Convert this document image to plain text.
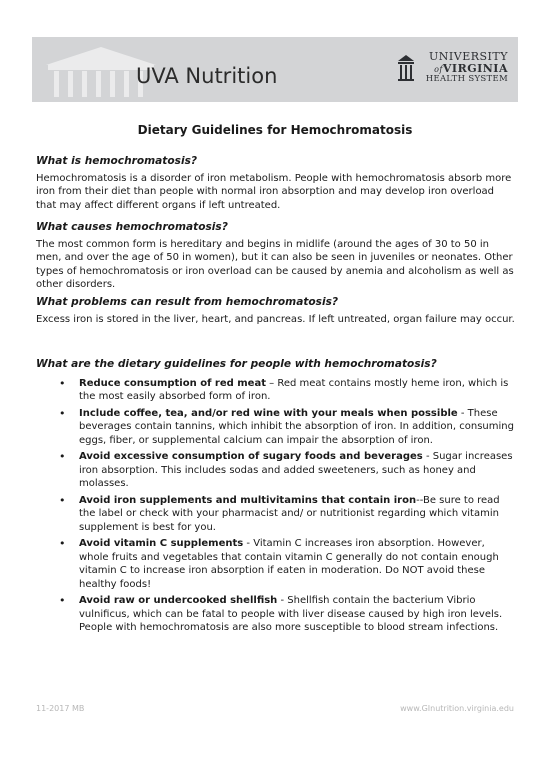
UVA Nutrition
UNIVERSITY
ofVIRGINIA
HEALTH SYSTEM
Dietary Guidelines for Hemochromatosis
What is hemochromatosis?
Hemochromatosis is a disorder of iron metabolism. People with hemochromatosis absorb more iron from their diet than people with normal iron absorption and may develop iron overload that may affect different organs if left untreated.
What causes hemochromatosis?
The most common form is hereditary and begins in midlife (around the ages of 30 to 50 in men, and over the age of 50 in women), but it can also be seen in juveniles or neonates. Other types of hemochromatosis or iron overload can be caused by anemia and alcoholism as well as other disorders.
What problems can result from hemochromatosis?
Excess iron is stored in the liver, heart, and pancreas. If left untreated, organ failure may occur.
What are the dietary guidelines for people with hemochromatosis?
• Reduce consumption of red meat – Red meat contains mostly heme iron, which is the most easily absorbed form of iron.
• Include coffee, tea, and/or red wine with your meals when possible - These beverages contain tannins, which inhibit the absorption of iron. In addition, consuming eggs, fiber, or supplemental calcium can impair the absorption of iron.
• Avoid excessive consumption of sugary foods and beverages - Sugar increases iron absorption. This includes sodas and added sweeteners, such as honey and molasses.
• Avoid iron supplements and multivitamins that contain iron--Be sure to read the label or check with your pharmacist and/ or nutritionist regarding which vitamin supplement is best for you.
• Avoid vitamin C supplements - Vitamin C increases iron absorption. However, whole fruits and vegetables that contain vitamin C generally do not contain enough vitamin C to increase iron absorption if eaten in moderation. Do NOT avoid these healthy foods!
• Avoid raw or undercooked shellfish - Shellfish contain the bacterium Vibrio vulnificus, which can be fatal to people with liver disease caused by high iron levels. People with hemochromatosis are also more susceptible to blood stream infections.
11-2017 MB	www.GInutrition.virginia.edu
